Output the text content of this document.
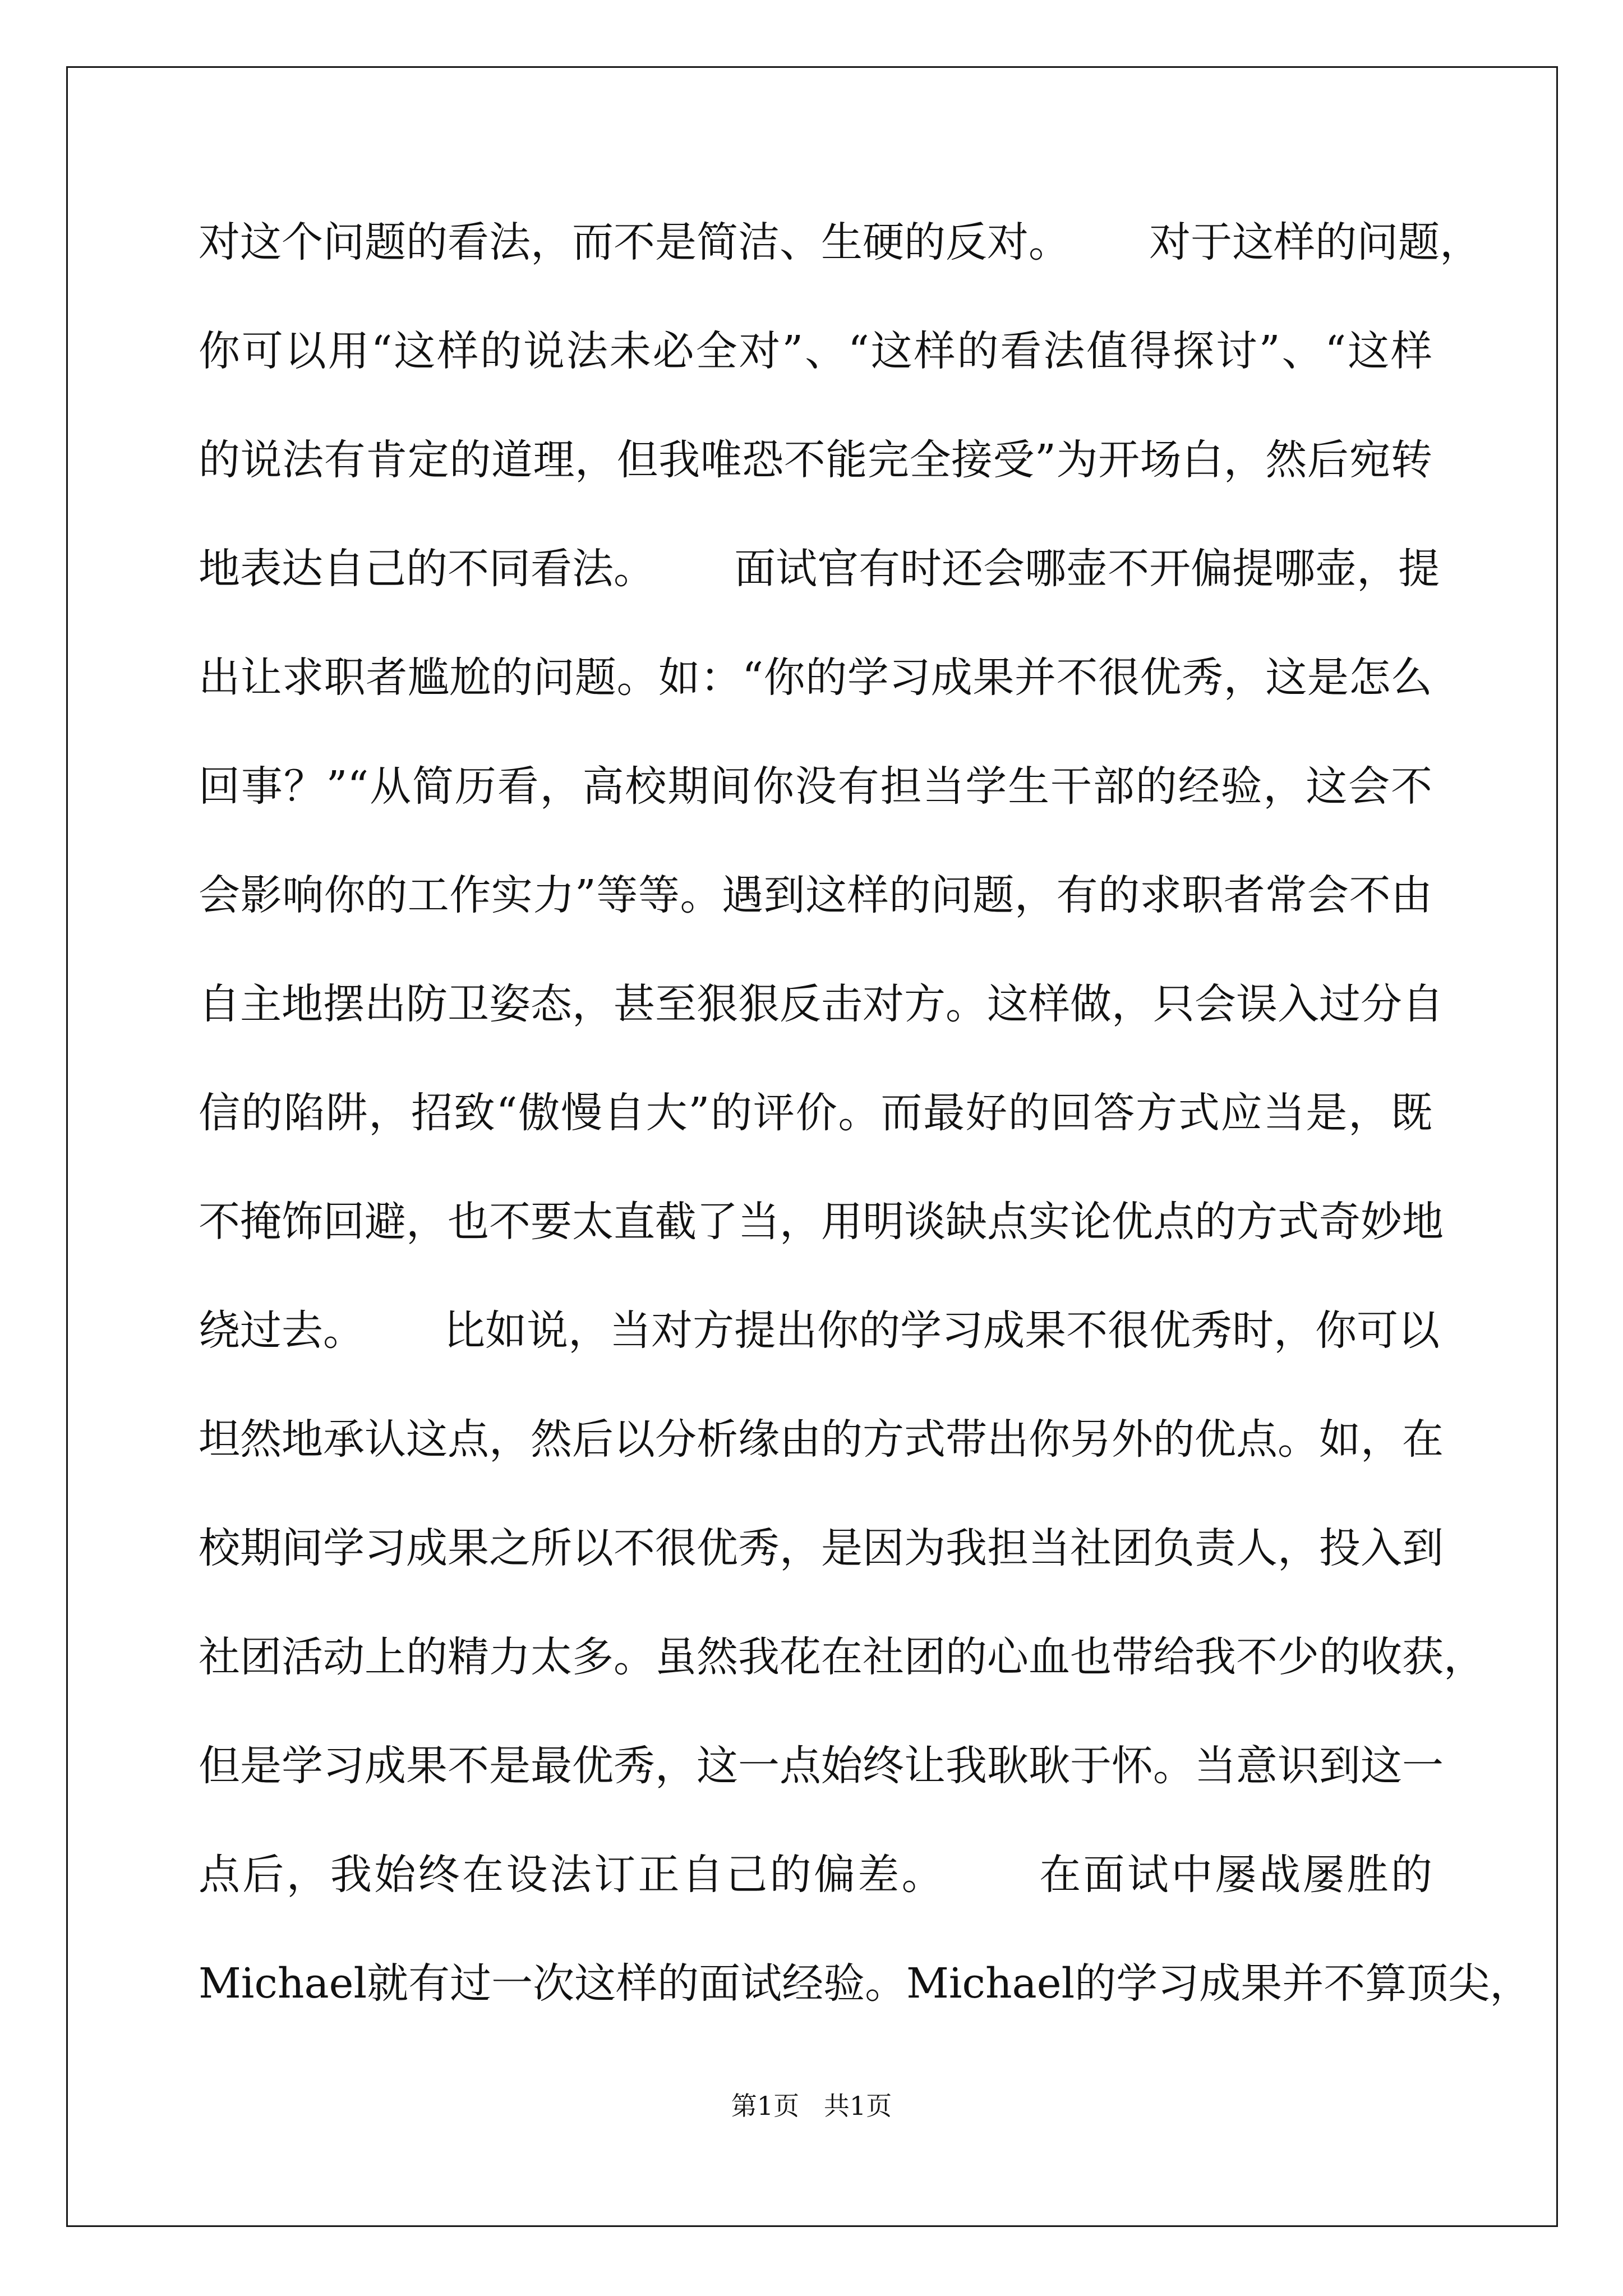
对这个问题的看法，而不是简洁、生硬的反对。      对于这样的问题，
你可以用“这样的说法未必全对”、“这样的看法值得探讨”、“这样
的说法有肯定的道理，但我唯恐不能完全接受”为开场白，然后宛转
地表达自己的不同看法。      面试官有时还会哪壶不开偏提哪壶，提
出让求职者尴尬的问题。如：“你的学习成果并不很优秀，这是怎么
回事？”“从简历看，高校期间你没有担当学生干部的经验，这会不
会影响你的工作实力”等等。遇到这样的问题，有的求职者常会不由
自主地摆出防卫姿态，甚至狠狠反击对方。这样做，只会误入过分自
信的陷阱，招致“傲慢自大”的评价。而最好的回答方式应当是，既
不掩饰回避，也不要太直截了当，用明谈缺点实论优点的方式奇妙地
绕过去。      比如说，当对方提出你的学习成果不很优秀时，你可以
坦然地承认这点，然后以分析缘由的方式带出你另外的优点。如，在
校期间学习成果之所以不很优秀，是因为我担当社团负责人，投入到
社团活动上的精力太多。虽然我花在社团的心血也带给我不少的收获，
但是学习成果不是最优秀，这一点始终让我耿耿于怀。当意识到这一
点后，我始终在设法订正自己的偏差。      在面试中屡战屡胜的
Michael就有过一次这样的面试经验。Michael的学习成果并不算顶尖，
第1页   共1页
